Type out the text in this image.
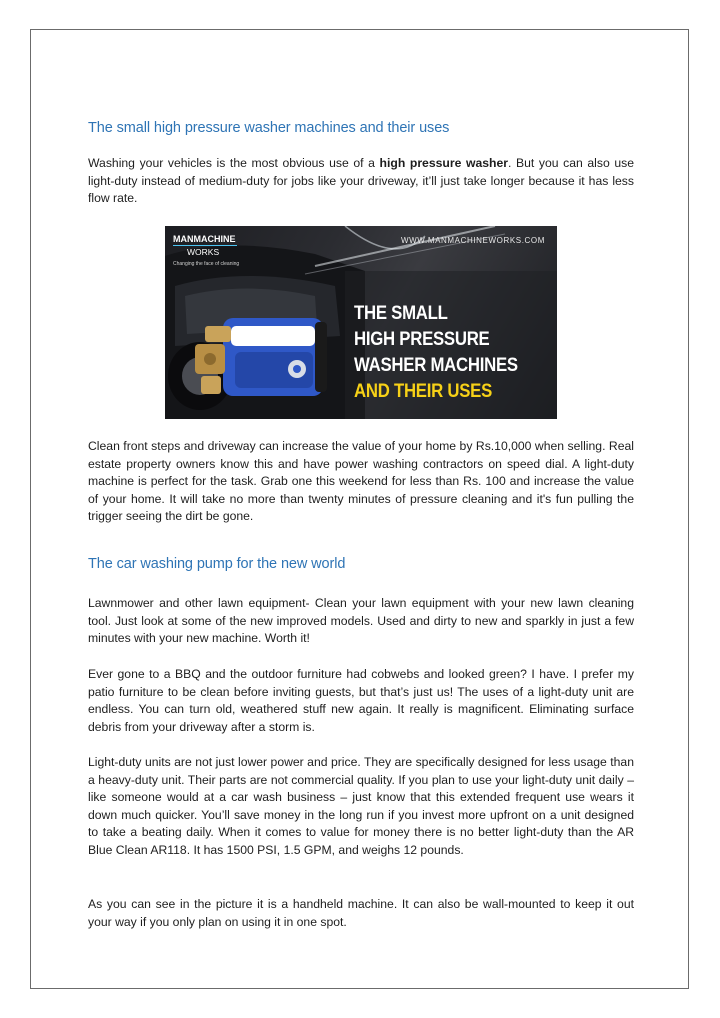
The small high pressure washer machines and their uses

Washing your vehicles is the most obvious use of a high pressure washer. But you can also use light-duty instead of medium-duty for jobs like your driveway, it’ll just take longer because it has less flow rate.

MANMACHINE
WORKS
Changing the face of cleaning
WWW.MANMACHINEWORKS.COM
THE SMALL
HIGH PRESSURE
WASHER MACHINES
AND THEIR USES

Clean front steps and driveway can increase the value of your home by Rs.10,000 when selling. Real estate property owners know this and have power washing contractors on speed dial. A light-duty machine is perfect for the task. Grab one this weekend for less than Rs. 100 and increase the value of your home. It will take no more than twenty minutes of pressure cleaning and it's fun pulling the trigger seeing the dirt be gone.

The car washing pump for the new world

Lawnmower and other lawn equipment- Clean your lawn equipment with your new lawn cleaning tool. Just look at some of the new improved models. Used and dirty to new and sparkly in just a few minutes with your new machine. Worth it!

Ever gone to a BBQ and the outdoor furniture had cobwebs and looked green? I have. I prefer my patio furniture to be clean before inviting guests, but that’s just us! The uses of a light-duty unit are endless. You can turn old, weathered stuff new again. It really is magnificent. Eliminating surface debris from your driveway after a storm is.

Light-duty units are not just lower power and price. They are specifically designed for less usage than a heavy-duty unit. Their parts are not commercial quality. If you plan to use your light-duty unit daily – like someone would at a car wash business – just know that this extended frequent use wears it down much quicker. You’ll save money in the long run if you invest more upfront on a unit designed to take a beating daily. When it comes to value for money there is no better light-duty than the AR Blue Clean AR118. It has 1500 PSI, 1.5 GPM, and weighs 12 pounds.

As you can see in the picture it is a handheld machine. It can also be wall-mounted to keep it out your way if you only plan on using it in one spot.
